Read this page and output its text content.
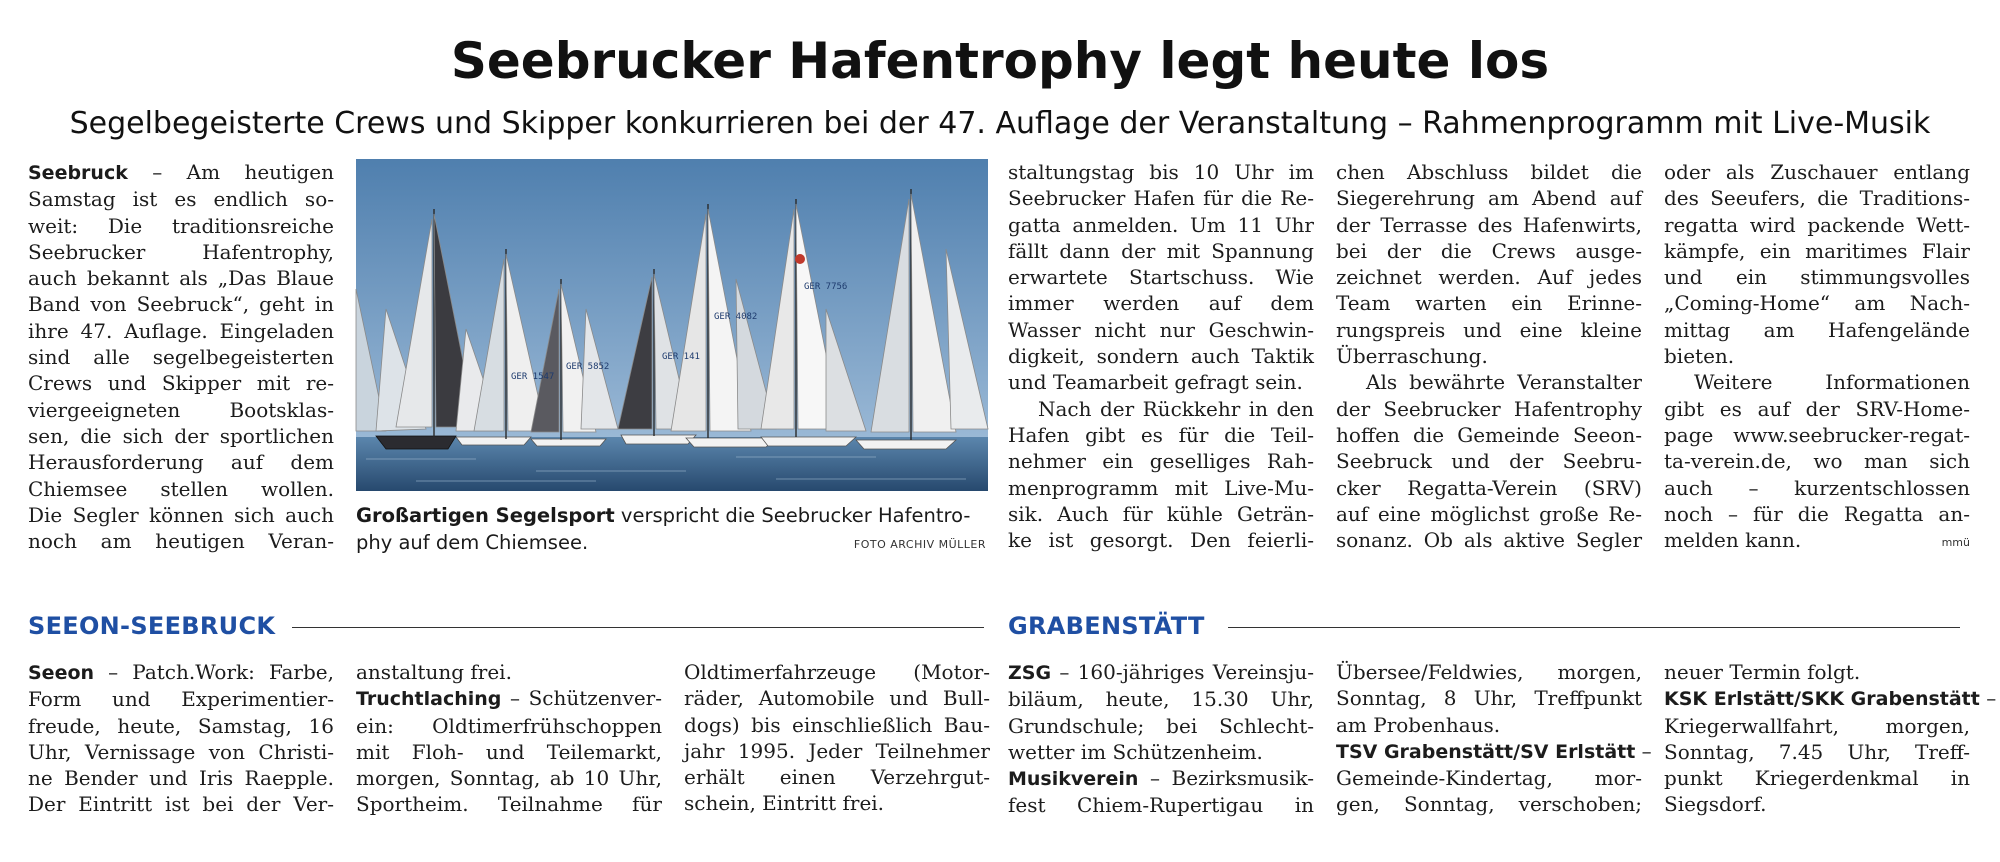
Seebrucker Hafentrophy legt heute los
Segelbegeisterte Crews und Skipper konkurrieren bei der 47. Auflage der Veranstaltung – Rahmenprogramm mit Live-Musik
Seebruck – Am heutigen
Samstag ist es endlich so-
weit: Die traditionsreiche
Seebrucker Hafentrophy,
auch bekannt als „Das Blaue
Band von Seebruck“, geht in
ihre 47. Auflage. Eingeladen
sind alle segelbegeisterten
Crews und Skipper mit re-
viergeeigneten Bootsklas-
sen, die sich der sportlichen
Herausforderung auf dem
Chiemsee stellen wollen.
Die Segler können sich auch
noch am heutigen Veran-
GER 4082
GER 7756
GER 141
GER 5852
GER 1547
Großartigen Segelsport verspricht die Seebrucker Hafentro-
phy auf dem Chiemsee.	FOTO ARCHIV MÜLLER
staltungstag bis 10 Uhr im
Seebrucker Hafen für die Re-
gatta anmelden. Um 11 Uhr
fällt dann der mit Spannung
erwartete Startschuss. Wie
immer werden auf dem
Wasser nicht nur Geschwin-
digkeit, sondern auch Taktik
und Teamarbeit gefragt sein.
Nach der Rückkehr in den
Hafen gibt es für die Teil-
nehmer ein geselliges Rah-
menprogramm mit Live-Mu-
sik. Auch für kühle Geträn-
ke ist gesorgt. Den feierli-
chen Abschluss bildet die
Siegerehrung am Abend auf
der Terrasse des Hafenwirts,
bei der die Crews ausge-
zeichnet werden. Auf jedes
Team warten ein Erinne-
rungspreis und eine kleine
Überraschung.
Als bewährte Veranstalter
der Seebrucker Hafentrophy
hoffen die Gemeinde Seeon-
Seebruck und der Seebru-
cker Regatta-Verein (SRV)
auf eine möglichst große Re-
sonanz. Ob als aktive Segler
oder als Zuschauer entlang
des Seeufers, die Traditions-
regatta wird packende Wett-
kämpfe, ein maritimes Flair
und ein stimmungsvolles
„Coming-Home“ am Nach-
mittag am Hafengelände
bieten.
Weitere Informationen
gibt es auf der SRV-Home-
page www.seebrucker-regat-
ta-verein.de, wo man sich
auch – kurzentschlossen
noch – für die Regatta an-
melden kann.	mmü
SEEON-SEEBRUCK	GRABENSTÄTT
Seeon – Patch.Work: Farbe,
Form und Experimentier-
freude, heute, Samstag, 16
Uhr, Vernissage von Christi-
ne Bender und Iris Raepple.
Der Eintritt ist bei der Ver-
anstaltung frei.
Truchtlaching – Schützenver-
ein: Oldtimerfrühschoppen
mit Floh- und Teilemarkt,
morgen, Sonntag, ab 10 Uhr,
Sportheim. Teilnahme für
Oldtimerfahrzeuge (Motor-
räder, Automobile und Bull-
dogs) bis einschließlich Bau-
jahr 1995. Jeder Teilnehmer
erhält einen Verzehrgut-
schein, Eintritt frei.
ZSG – 160-jähriges Vereinsju-
biläum, heute, 15.30 Uhr,
Grundschule; bei Schlecht-
wetter im Schützenheim.
Musikverein – Bezirksmusik-
fest Chiem-Rupertigau in
Übersee/Feldwies, morgen,
Sonntag, 8 Uhr, Treffpunkt
am Probenhaus.
TSV Grabenstätt/SV Erlstätt –
Gemeinde-Kindertag, mor-
gen, Sonntag, verschoben;
neuer Termin folgt.
KSK Erlstätt/SKK Grabenstätt –
Kriegerwallfahrt, morgen,
Sonntag, 7.45 Uhr, Treff-
punkt Kriegerdenkmal in
Siegsdorf.
